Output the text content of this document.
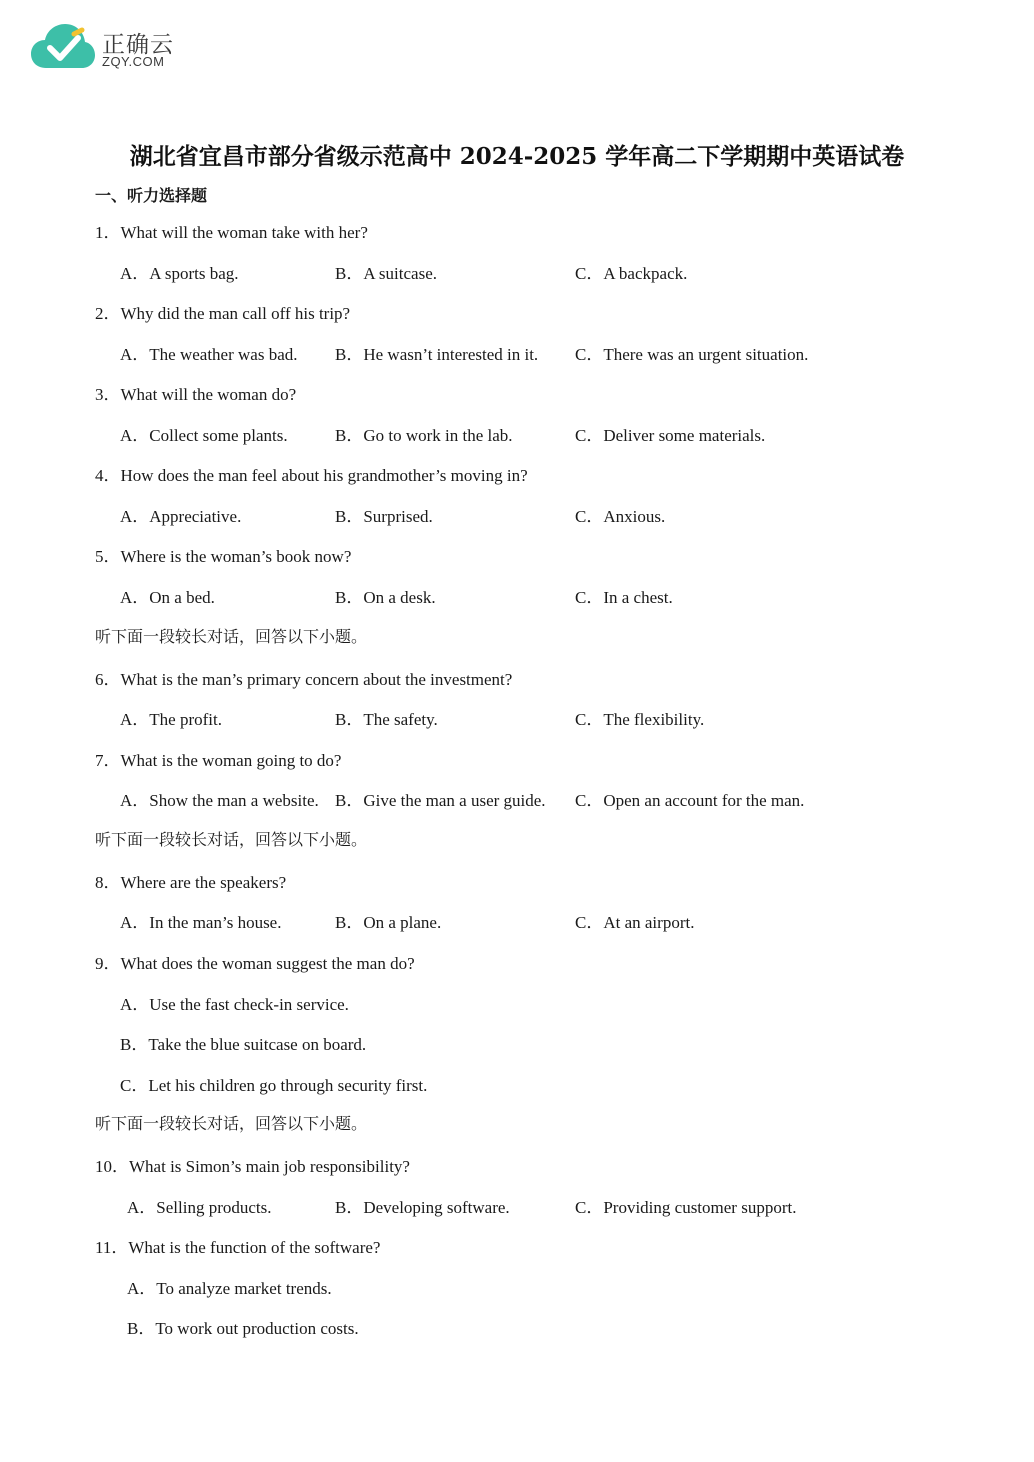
正确云
ZQY.COM
湖北省宜昌市部分省级示范高中 2024-2025 学年高二下学期期中英语试卷
一、听力选择题
1．What will the woman take with her?
A．A sports bag.	B．A suitcase.	C．A backpack.
2．Why did the man call off his trip?
A．The weather was bad. B．He wasn’t interested in it. C．There was an urgent situation.
3．What will the woman do?
A．Collect some plants.	B．Go to work in the lab.	C．Deliver some materials.
4．How does the man feel about his grandmother’s moving in?
A．Appreciative.	B．Surprised.	C．Anxious.
5．Where is the woman’s book now?
A．On a bed.	B．On a desk.	C．In a chest.
听下面一段较长对话，回答以下小题。
6．What is the man’s primary concern about the investment?
A．The profit.	B．The safety.	C．The flexibility.
7．What is the woman going to do?
A．Show the man a website. B．Give the man a user guide. C．Open an account for the man.
听下面一段较长对话，回答以下小题。
8．Where are the speakers?
A．In the man’s house.	B．On a plane.	C．At an airport.
9．What does the woman suggest the man do?
A．Use the fast check-in service.
B．Take the blue suitcase on board.
C．Let his children go through security first.
听下面一段较长对话，回答以下小题。
10．What is Simon’s main job responsibility?
A．Selling products.	B．Developing software.	C．Providing customer support.
11．What is the function of the software?
A．To analyze market trends.
B．To work out production costs.
